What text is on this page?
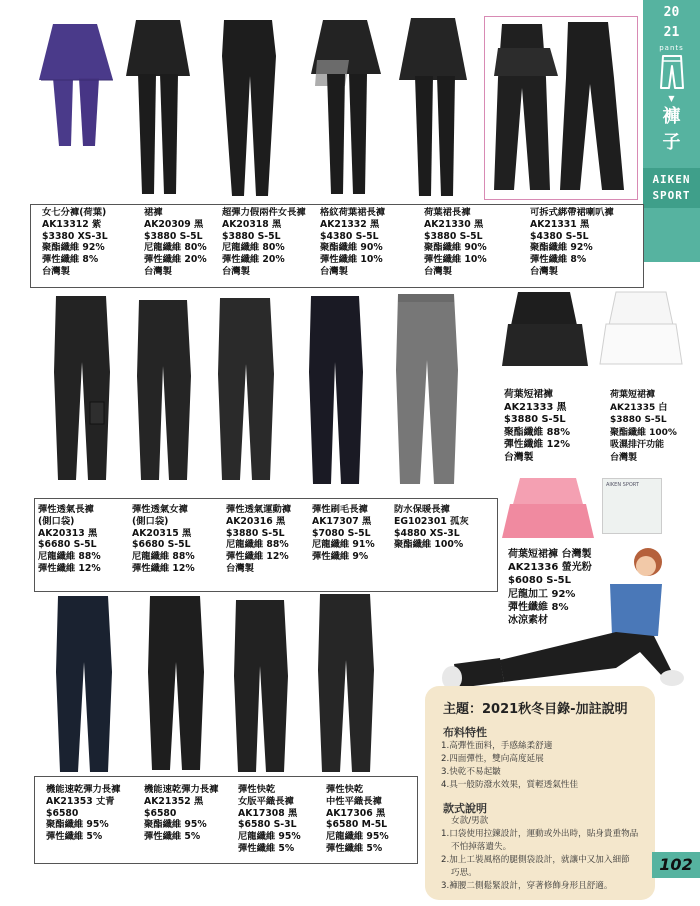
20
21
pants
▼
褲
子
AIKEN
SPORT
女七分褲(荷葉)
AK13312 紫
$3380 XS-3L
聚酯纖維 92%
彈性纖維 8%
台灣製
裙褲
AK20309 黑
$3880 S-5L
尼龍纖維 80%
彈性纖維 20%
台灣製
超彈力假兩件女長褲
AK20318 黑
$3880 S-5L
尼龍纖維 80%
彈性纖維 20%
台灣製
格紋荷葉裙長褲
AK21332 黑
$4380 S-5L
聚酯纖維 90%
彈性纖維 10%
台灣製
荷葉裙長褲
AK21330 黑
$3880 S-5L
聚酯纖維 90%
彈性纖維 10%
台灣製
可拆式綁帶裙喇叭褲
AK21331 黑
$4380 S-5L
聚酯纖維 92%
彈性纖維 8%
台灣製
荷葉短裙褲
AK21333 黑
$3880 S-5L
聚酯纖維 88%
彈性纖維 12%
台灣製
荷葉短裙褲
AK21335 白
$3880 S-5L
聚酯纖維 100%
吸濕排汗功能
台灣製
彈性透氣長褲
(側口袋)
AK20313 黑
$6680 S-5L
尼龍纖維 88%
彈性纖維 12%
彈性透氣女褲
(側口袋)
AK20315 黑
$6680 S-5L
尼龍纖維 88%
彈性纖維 12%
彈性透氣運動褲
AK20316 黑
$3880 S-5L
尼龍纖維 88%
彈性纖維 12%
台灣製
彈性刷毛長褲
AK17307 黑
$7080 S-5L
尼龍纖維 91%
彈性纖維 9%
防水保暖長褲
EG102301 孤灰
$4880 XS-3L
聚酯纖維 100%
AIKEN SPORT
荷葉短裙褲 台灣製
AK21336 螢光粉
$6080 S-5L
尼龍加工 92%
彈性纖維 8%
冰涼素材
機能速乾彈力長褲
AK21353 丈青
$6580
聚酯纖維 95%
彈性纖維 5%
機能速乾彈力長褲
AK21352 黑
$6580
聚酯纖維 95%
彈性纖維 5%
彈性快乾
女版平織長褲
AK17308 黑
$6580 S-3L
尼龍纖維 95%
彈性纖維 5%
彈性快乾
中性平織長褲
AK17306 黑
$6580 M-5L
尼龍纖維 95%
彈性纖維 5%
主題：2021秋冬目錄-加註說明
布料特性
1.高彈性面料，手感絲柔舒適
2.四面彈性，雙向高度延展
3.快乾不易起皺
4.具一般防潑水效果，質輕透氣性佳
款式說明
女款/男款
1.口袋使用拉鍊設計，運動或外出時，貼身貴重物品
不怕掉落遺失。
2.加上工裝風格的腿側袋設計，就讓中又加入細節
巧思。
3.褲腰二側鬆緊設計，穿著修飾身形且舒適。
102
